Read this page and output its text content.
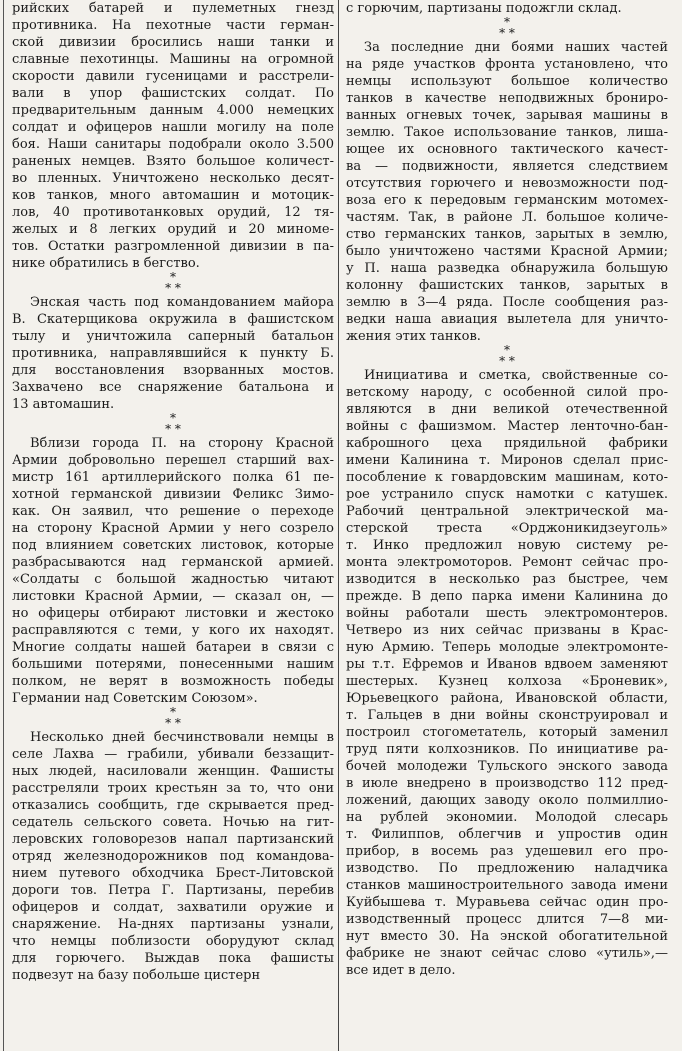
рийских батарей и пулеметных гнезд
противника. На пехотные части герман-
ской дивизии бросились наши танки и
славные пехотинцы. Машины на огромной
скорости давили гусеницами и расстрели-
вали в упор фашистских солдат. По
предварительным данным 4.000 немецких
солдат и офицеров нашли могилу на поле
боя. Наши санитары подобрали около 3.500
раненых немцев. Взято большое количест-
во пленных. Уничтожено несколько десят-
ков танков, много автомашин и мотоцик-
лов, 40 противотанковых орудий, 12 тя-
желых и 8 легких орудий и 20 миноме-
тов. Остатки разгромленной дивизии в па-
нике обратились в бегство.
*
* *
Энская часть под командованием майора
В. Скатерщикова окружила в фашистском
тылу и уничтожила саперный батальон
противника, направлявшийся к пункту Б.
для восстановления взорванных мостов.
Захвачено все снаряжение батальона и
13 автомашин.
*
* *
Вблизи города П. на сторону Красной
Армии добровольно перешел старший вах-
мистр 161 артиллерийского полка 61 пе-
хотной германской дивизии Феликс Зимо-
как. Он заявил, что решение о переходе
на сторону Красной Армии у него созрело
под влиянием советских листовок, которые
разбрасываются над германской армией.
«Солдаты с большой жадностью читают
листовки Красной Армии, — сказал он, —
но офицеры отбирают листовки и жестоко
расправляются с теми, у кого их находят.
Многие солдаты нашей батареи в связи с
большими потерями, понесенными нашим
полком, не верят в возможность победы
Германии над Советским Союзом».
*
* *
Несколько дней бесчинствовали немцы в
селе Лахва — грабили, убивали беззащит-
ных людей, насиловали женщин. Фашисты
расстреляли троих крестьян за то, что они
отказались сообщить, где скрывается пред-
седатель сельского совета. Ночью на гит-
леровских головорезов напал партизанский
отряд железнодорожников под командова-
нием путевого обходчика Брест-Литовской
дороги тов. Петра Г. Партизаны, перебив
офицеров и солдат, захватили оружие и
снаряжение. На-днях партизаны узнали,
что немцы поблизости оборудуют склад
для горючего. Выждав пока фашисты
подвезут на базу побольше цистерн
с горючим, партизаны подожгли склад.
*
* *
За последние дни боями наших частей
на ряде участков фронта установлено, что
немцы используют большое количество
танков в качестве неподвижных брониро-
ванных огневых точек, зарывая машины в
землю. Такое использование танков, лиша-
ющее их основного тактического качест-
ва — подвижности, является следствием
отсутствия горючего и невозможности под-
воза его к передовым германским мотомех-
частям. Так, в районе Л. большое количе-
ство германских танков, зарытых в землю,
было уничтожено частями Красной Армии;
у П. наша разведка обнаружила большую
колонну фашистских танков, зарытых в
землю в 3—4 ряда. После сообщения раз-
ведки наша авиация вылетела для уничто-
жения этих танков.
*
* *
Инициатива и сметка, свойственные со-
ветскому народу, с особенной силой про-
являются в дни великой отечественной
войны с фашизмом. Мастер ленточно-бан-
каброшного цеха прядильной фабрики
имени Калинина т. Миронов сделал прис-
пособление к говардовским машинам, кото-
рое устранило спуск намотки с катушек.
Рабочий центральной электрической ма-
стерской треста «Орджоникидзеуголь»
т. Инко предложил новую систему ре-
монта электромоторов. Ремонт сейчас про-
изводится в несколько раз быстрее, чем
прежде. В депо парка имени Калинина до
войны работали шесть электромонтеров.
Четверо из них сейчас призваны в Крас-
ную Армию. Теперь молодые электромонте-
ры т.т. Ефремов и Иванов вдвоем заменяют
шестерых. Кузнец колхоза «Броневик»,
Юрьевецкого района, Ивановской области,
т. Гальцев в дни войны сконструировал и
построил стогометатель, который заменил
труд пяти колхозников. По инициативе ра-
бочей молодежи Тульского энского завода
в июле внедрено в производство 112 пред-
ложений, дающих заводу около полмиллио-
на рублей экономии. Молодой слесарь
т. Филиппов, облегчив и упростив один
прибор, в восемь раз удешевил его про-
изводство. По предложению наладчика
станков машиностроительного завода имени
Куйбышева т. Муравьева сейчас один про-
изводственный процесс длится 7—8 ми-
нут вместо 30. На энской обогатительной
фабрике не знают сейчас слово «утиль»,—
все идет в дело.
